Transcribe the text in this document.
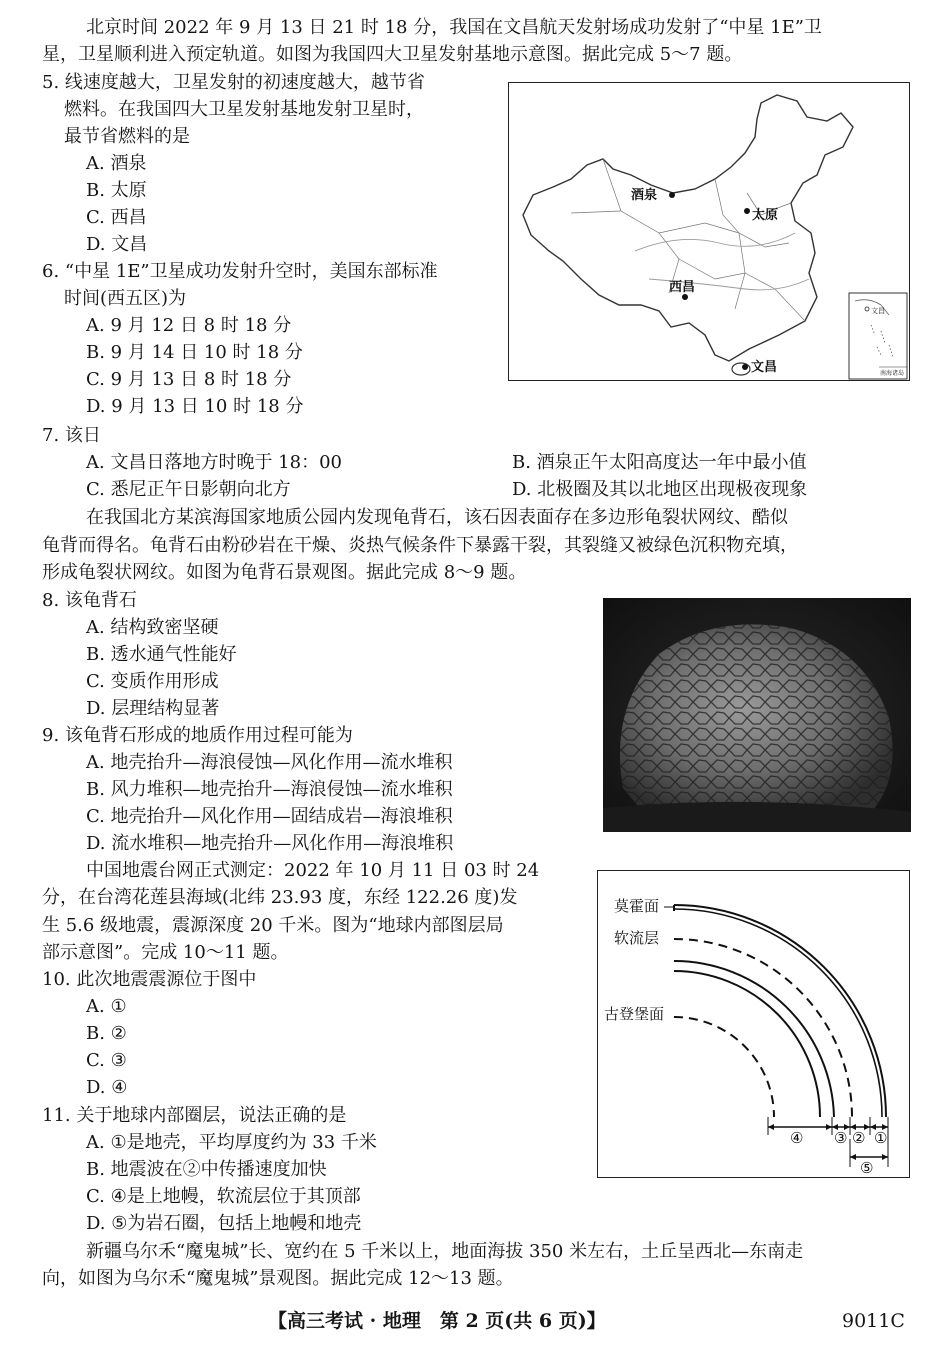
北京时间 2022 年 9 月 13 日 21 时 18 分，我国在文昌航天发射场成功发射了“中星 1E”卫
星，卫星顺利进入预定轨道。如图为我国四大卫星发射基地示意图。据此完成 5～7 题。
5. 线速度越大，卫星发射的初速度越大，越节省
燃料。在我国四大卫星发射基地发射卫星时，
最节省燃料的是
A. 酒泉
B. 太原
C. 西昌
D. 文昌
6. “中星 1E”卫星成功发射升空时，美国东部标准
时间(西五区)为
A. 9 月 12 日 8 时 18 分
B. 9 月 14 日 10 时 18 分
C. 9 月 13 日 8 时 18 分
D. 9 月 13 日 10 时 18 分
酒泉
太原
西昌
文昌
文昌
南海诸岛
7. 该日
A. 文昌日落地方时晚于 18：00	B. 酒泉正午太阳高度达一年中最小值
C. 悉尼正午日影朝向北方	D. 北极圈及其以北地区出现极夜现象
在我国北方某滨海国家地质公园内发现龟背石，该石因表面存在多边形龟裂状网纹、酷似
龟背而得名。龟背石由粉砂岩在干燥、炎热气候条件下暴露干裂，其裂缝又被绿色沉积物充填，
形成龟裂状网纹。如图为龟背石景观图。据此完成 8～9 题。
8. 该龟背石
A. 结构致密坚硬
B. 透水通气性能好
C. 变质作用形成
D. 层理结构显著
9. 该龟背石形成的地质作用过程可能为
A. 地壳抬升—海浪侵蚀—风化作用—流水堆积
B. 风力堆积—地壳抬升—海浪侵蚀—流水堆积
C. 地壳抬升—风化作用—固结成岩—海浪堆积
D. 流水堆积—地壳抬升—风化作用—海浪堆积
中国地震台网正式测定：2022 年 10 月 11 日 03 时 24
分，在台湾花莲县海域(北纬 23.93 度，东经 122.26 度)发
生 5.6 级地震，震源深度 20 千米。图为“地球内部图层局
部示意图”。完成 10～11 题。
10. 此次地震震源位于图中
A. ①
B. ②
C. ③
D. ④
莫霍面
软流层
古登堡面
④ ③ ② ①
⑤
11. 关于地球内部圈层，说法正确的是
A. ①是地壳，平均厚度约为 33 千米
B. 地震波在②中传播速度加快
C. ④是上地幔，软流层位于其顶部
D. ⑤为岩石圈，包括上地幔和地壳
新疆乌尔禾“魔鬼城”长、宽约在 5 千米以上，地面海拔 350 米左右，土丘呈西北—东南走
向，如图为乌尔禾“魔鬼城”景观图。据此完成 12～13 题。
【高三考试 · 地理　第 2 页(共 6 页)】	9011C
